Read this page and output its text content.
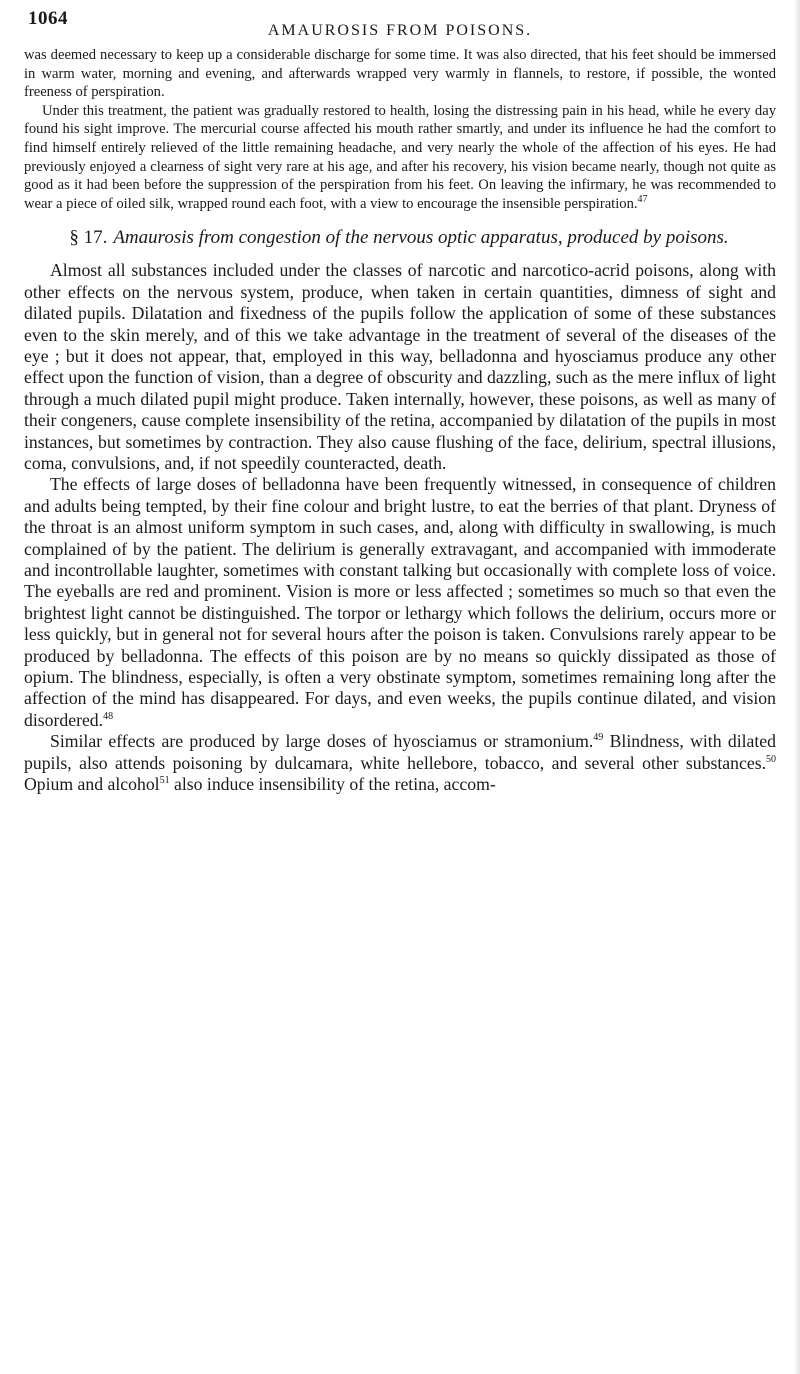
1064
AMAUROSIS FROM POISONS.

was deemed necessary to keep up a considerable discharge for some time. It was also directed, that his feet should be immersed in warm water, morning and evening, and afterwards wrapped very warmly in flannels, to restore, if possible, the wonted freeness of perspiration.

Under this treatment, the patient was gradually restored to health, losing the distressing pain in his head, while he every day found his sight improve. The mercurial course affected his mouth rather smartly, and under its influence he had the comfort to find himself entirely relieved of the little remaining headache, and very nearly the whole of the affection of his eyes. He had previously enjoyed a clearness of sight very rare at his age, and after his recovery, his vision became nearly, though not quite as good as it had been before the suppression of the perspiration from his feet. On leaving the infirmary, he was recommended to wear a piece of oiled silk, wrapped round each foot, with a view to encourage the insensible perspiration.$^{47}$

§ 17. Amaurosis from congestion of the nervous optic apparatus, produced by poisons.

Almost all substances included under the classes of narcotic and narcotico-acrid poisons, along with other effects on the nervous system, produce, when taken in certain quantities, dimness of sight and dilated pupils. Dilatation and fixedness of the pupils follow the application of some of these substances even to the skin merely, and of this we take advantage in the treatment of several of the diseases of the eye ; but it does not appear, that, employed in this way, belladonna and hyosciamus produce any other effect upon the function of vision, than a degree of obscurity and dazzling, such as the mere influx of light through a much dilated pupil might produce. Taken internally, however, these poisons, as well as many of their congeners, cause complete insensibility of the retina, accompanied by dilatation of the pupils in most instances, but sometimes by contraction. They also cause flushing of the face, delirium, spectral illusions, coma, convulsions, and, if not speedily counteracted, death.

The effects of large doses of belladonna have been frequently witnessed, in consequence of children and adults being tempted, by their fine colour and bright lustre, to eat the berries of that plant. Dryness of the throat is an almost uniform symptom in such cases, and, along with difficulty in swallowing, is much complained of by the patient. The delirium is generally extravagant, and accompanied with immoderate and incontrollable laughter, sometimes with constant talking but occasionally with complete loss of voice. The eyeballs are red and prominent. Vision is more or less affected ; sometimes so much so that even the brightest light cannot be distinguished. The torpor or lethargy which follows the delirium, occurs more or less quickly, but in general not for several hours after the poison is taken. Convulsions rarely appear to be produced by belladonna. The effects of this poison are by no means so quickly dissipated as those of opium. The blindness, especially, is often a very obstinate symptom, sometimes remaining long after the affection of the mind has disappeared. For days, and even weeks, the pupils continue dilated, and vision disordered.$^{48}$

Similar effects are produced by large doses of hyosciamus or stramonium.$^{49}$ Blindness, with dilated pupils, also attends poisoning by dulcamara, white hellebore, tobacco, and several other substances.$^{50}$ Opium and alcohol$^{51}$ also induce insensibility of the retina, accom-
